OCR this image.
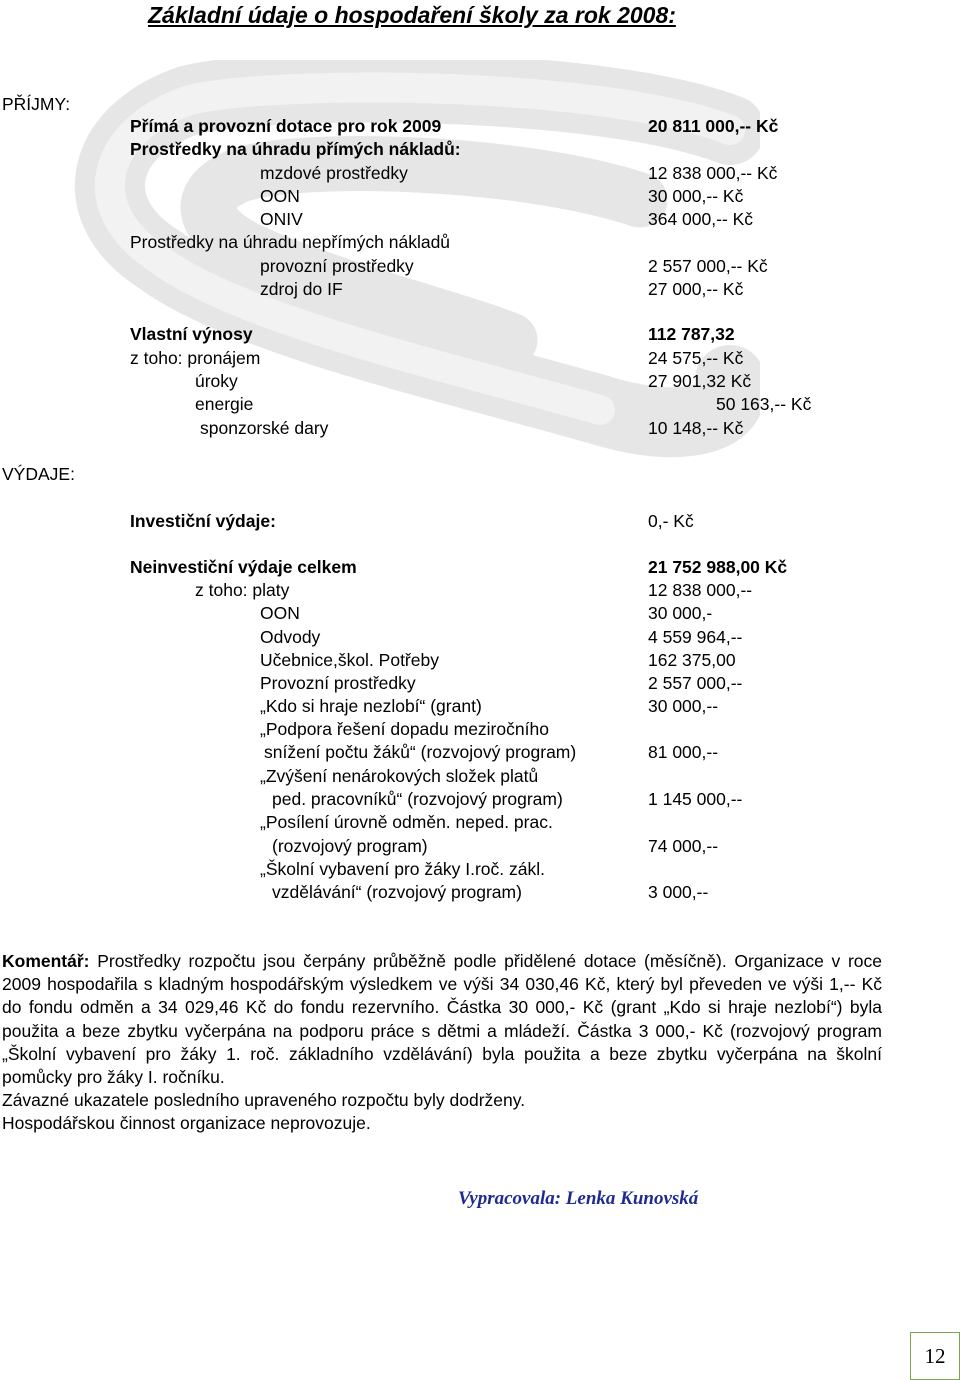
Základní údaje o hospodaření školy za rok 2008:
PŘÍJMY:
Přímá a provozní dotace pro rok 2009	20 811 000,-- Kč
Prostředky na úhradu přímých nákladů:
mzdové prostředky	12 838 000,-- Kč
OON	30 000,-- Kč
ONIV	364 000,-- Kč
Prostředky na úhradu nepřímých nákladů
provozní prostředky	2 557 000,-- Kč
zdroj do IF	27 000,-- Kč
Vlastní výnosy	112 787,32
z toho: pronájem	24 575,-- Kč
úroky	27 901,32 Kč
energie	50 163,-- Kč
sponzorské dary	10 148,-- Kč
VÝDAJE:
Investiční výdaje:	0,- Kč
Neinvestiční výdaje celkem	21 752 988,00 Kč
z toho: platy	12 838 000,--
OON	30 000,-
Odvody	4 559 964,--
Učebnice,škol. Potřeby	162 375,00
Provozní prostředky	2 557 000,--
„Kdo si hraje nezlobí“ (grant)	30 000,--
„Podpora řešení dopadu meziročního
snížení počtu žáků“ (rozvojový program)	81 000,--
„Zvýšení nenárokových složek platů
ped. pracovníků“ (rozvojový program)	1 145 000,--
„Posílení úrovně odměn. neped. prac.
(rozvojový program)	74 000,--
„Školní vybavení pro žáky I.roč. zákl.
vzdělávání“ (rozvojový program)	3 000,--

Komentář: Prostředky rozpočtu jsou čerpány průběžně podle přidělené dotace (měsíčně). Organizace v roce 2009 hospodařila s kladným hospodářským výsledkem ve výši 34 030,46 Kč, který byl převeden ve výši 1,-- Kč do fondu odměn a 34 029,46 Kč do fondu rezervního. Částka 30 000,- Kč (grant „Kdo si hraje nezlobí“) byla použita a beze zbytku vyčerpána na podporu práce s dětmi a mládeží. Částka 3 000,- Kč (rozvojový program „Školní vybavení pro žáky 1. roč. základního vzdělávání) byla použita a beze zbytku vyčerpána na školní pomůcky pro žáky I. ročníku.

Závazné ukazatele posledního upraveného rozpočtu byly dodrženy.

Hospodářskou činnost organizace neprovozuje.

Vypracovala: Lenka Kunovská
12
